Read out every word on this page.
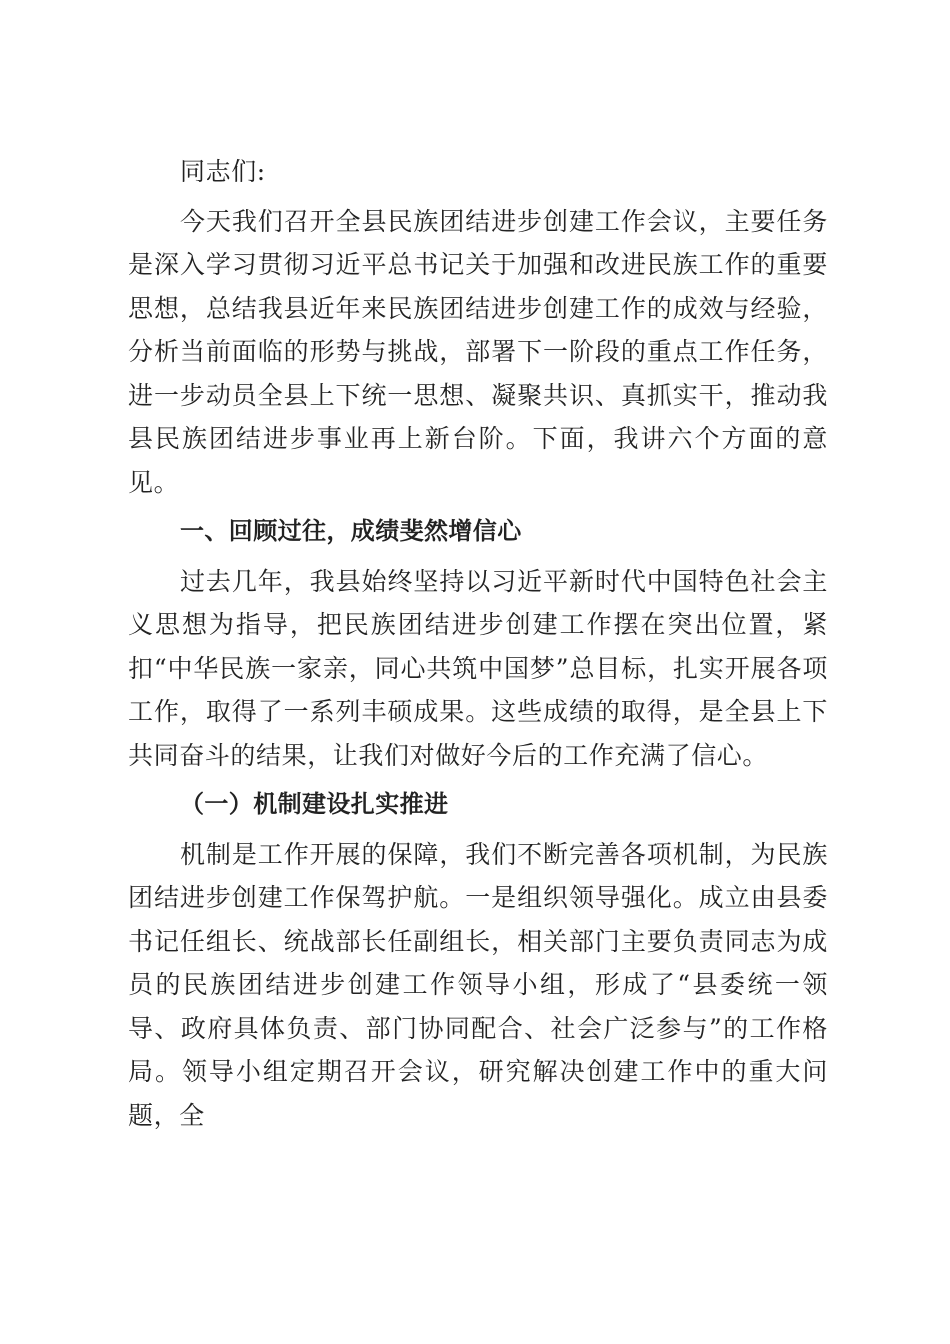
同志们:

今天我们召开全县民族团结进步创建工作会议，主要任务是深入学习贯彻习近平总书记关于加强和改进民族工作的重要思想，总结我县近年来民族团结进步创建工作的成效与经验，分析当前面临的形势与挑战，部署下一阶段的重点工作任务，进一步动员全县上下统一思想、凝聚共识、真抓实干，推动我县民族团结进步事业再上新台阶。下面，我讲六个方面的意见。

一、回顾过往，成绩斐然增信心

过去几年，我县始终坚持以习近平新时代中国特色社会主义思想为指导，把民族团结进步创建工作摆在突出位置，紧扣“中华民族一家亲，同心共筑中国梦”总目标，扎实开展各项工作，取得了一系列丰硕成果。这些成绩的取得，是全县上下共同奋斗的结果，让我们对做好今后的工作充满了信心。

（一）机制建设扎实推进

机制是工作开展的保障，我们不断完善各项机制，为民族团结进步创建工作保驾护航。一是组织领导强化。成立由县委书记任组长、统战部长任副组长，相关部门主要负责同志为成员的民族团结进步创建工作领导小组，形成了“县委统一领导、政府具体负责、部门协同配合、社会广泛参与”的工作格局。领导小组定期召开会议，研究解决创建工作中的重大问题，全
